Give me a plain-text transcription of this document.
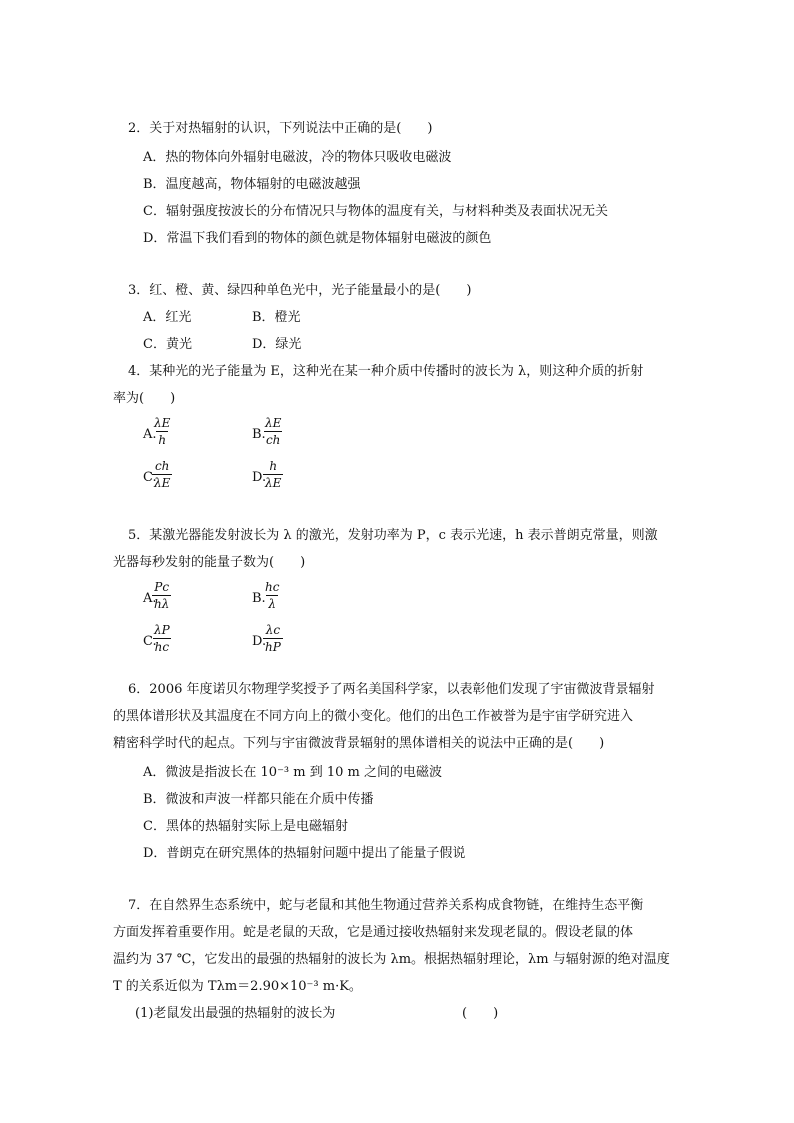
2．关于对热辐射的认识，下列说法中正确的是(　　)
A．热的物体向外辐射电磁波，冷的物体只吸收电磁波
B．温度越高，物体辐射的电磁波越强
C．辐射强度按波长的分布情况只与物体的温度有关，与材料种类及表面状况无关
D．常温下我们看到的物体的颜色就是物体辐射电磁波的颜色
3．红、橙、黄、绿四种单色光中，光子能量最小的是(　　)
A．红光	B．橙光
C．黄光	D．绿光
4．某种光的光子能量为 E，这种光在某一种介质中传播时的波长为 λ，则这种介质的折射
率为(　　)
A.
$\frac{\lambda E}{h}$	B.
$\frac{\lambda E}{ch}$
C.
$\frac{ch}{\lambda E}$	D.
$\frac{h}{\lambda E}$
5．某激光器能发射波长为 λ 的激光，发射功率为 P，c 表示光速，h 表示普朗克常量，则激
光器每秒发射的能量子数为(　　)
A.
$\frac{Pc}{h\lambda}$	B.
$\frac{hc}{\lambda}$
C.
$\frac{\lambda P}{hc}$	D.
$\frac{\lambda c}{hP}$
6．2006 年度诺贝尔物理学奖授予了两名美国科学家，以表彰他们发现了宇宙微波背景辐射
的黑体谱形状及其温度在不同方向上的微小变化。他们的出色工作被誉为是宇宙学研究进入
精密科学时代的起点。下列与宇宙微波背景辐射的黑体谱相关的说法中正确的是(　　)
A．微波是指波长在 10⁻³ m 到 10 m 之间的电磁波
B．微波和声波一样都只能在介质中传播
C．黑体的热辐射实际上是电磁辐射
D．普朗克在研究黑体的热辐射问题中提出了能量子假说
7．在自然界生态系统中，蛇与老鼠和其他生物通过营养关系构成食物链，在维持生态平衡
方面发挥着重要作用。蛇是老鼠的天敌，它是通过接收热辐射来发现老鼠的。假设老鼠的体
温约为 37 ℃，它发出的最强的热辐射的波长为 λm。根据热辐射理论，λm 与辐射源的绝对温度
T 的关系近似为 Tλm＝2.90×10⁻³ m·K。
(1)老鼠发出最强的热辐射的波长为	(　　)
